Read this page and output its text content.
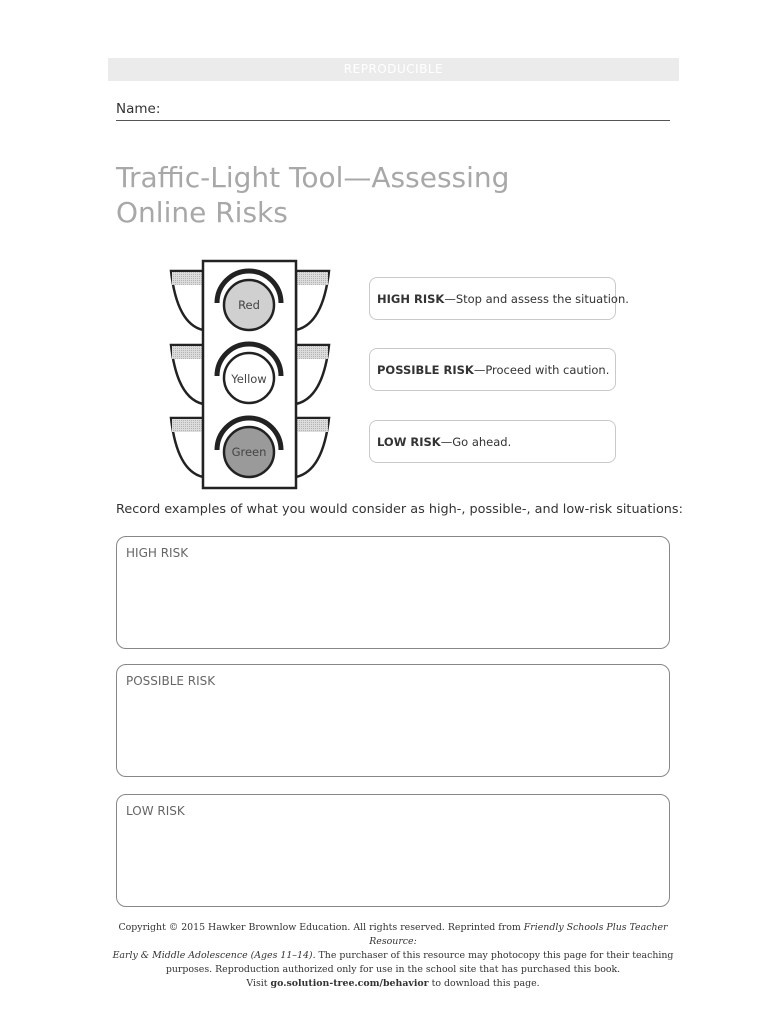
REPRODUCIBLE
Name:
Traffic-Light Tool—Assessing
Online Risks
Red
Yellow
Green
HIGH RISK—Stop and assess the situation.
POSSIBLE RISK—Proceed with caution.
LOW RISK—Go ahead.
Record examples of what you would consider as high-, possible-, and low-risk situations:
HIGH RISK
POSSIBLE RISK
LOW RISK
Copyright © 2015 Hawker Brownlow Education. All rights reserved. Reprinted from Friendly Schools Plus Teacher Resource:
Early & Middle Adolescence (Ages 11–14). The purchaser of this resource may photocopy this page for their teaching
purposes. Reproduction authorized only for use in the school site that has purchased this book.
Visit go.solution-tree.com/behavior to download this page.
